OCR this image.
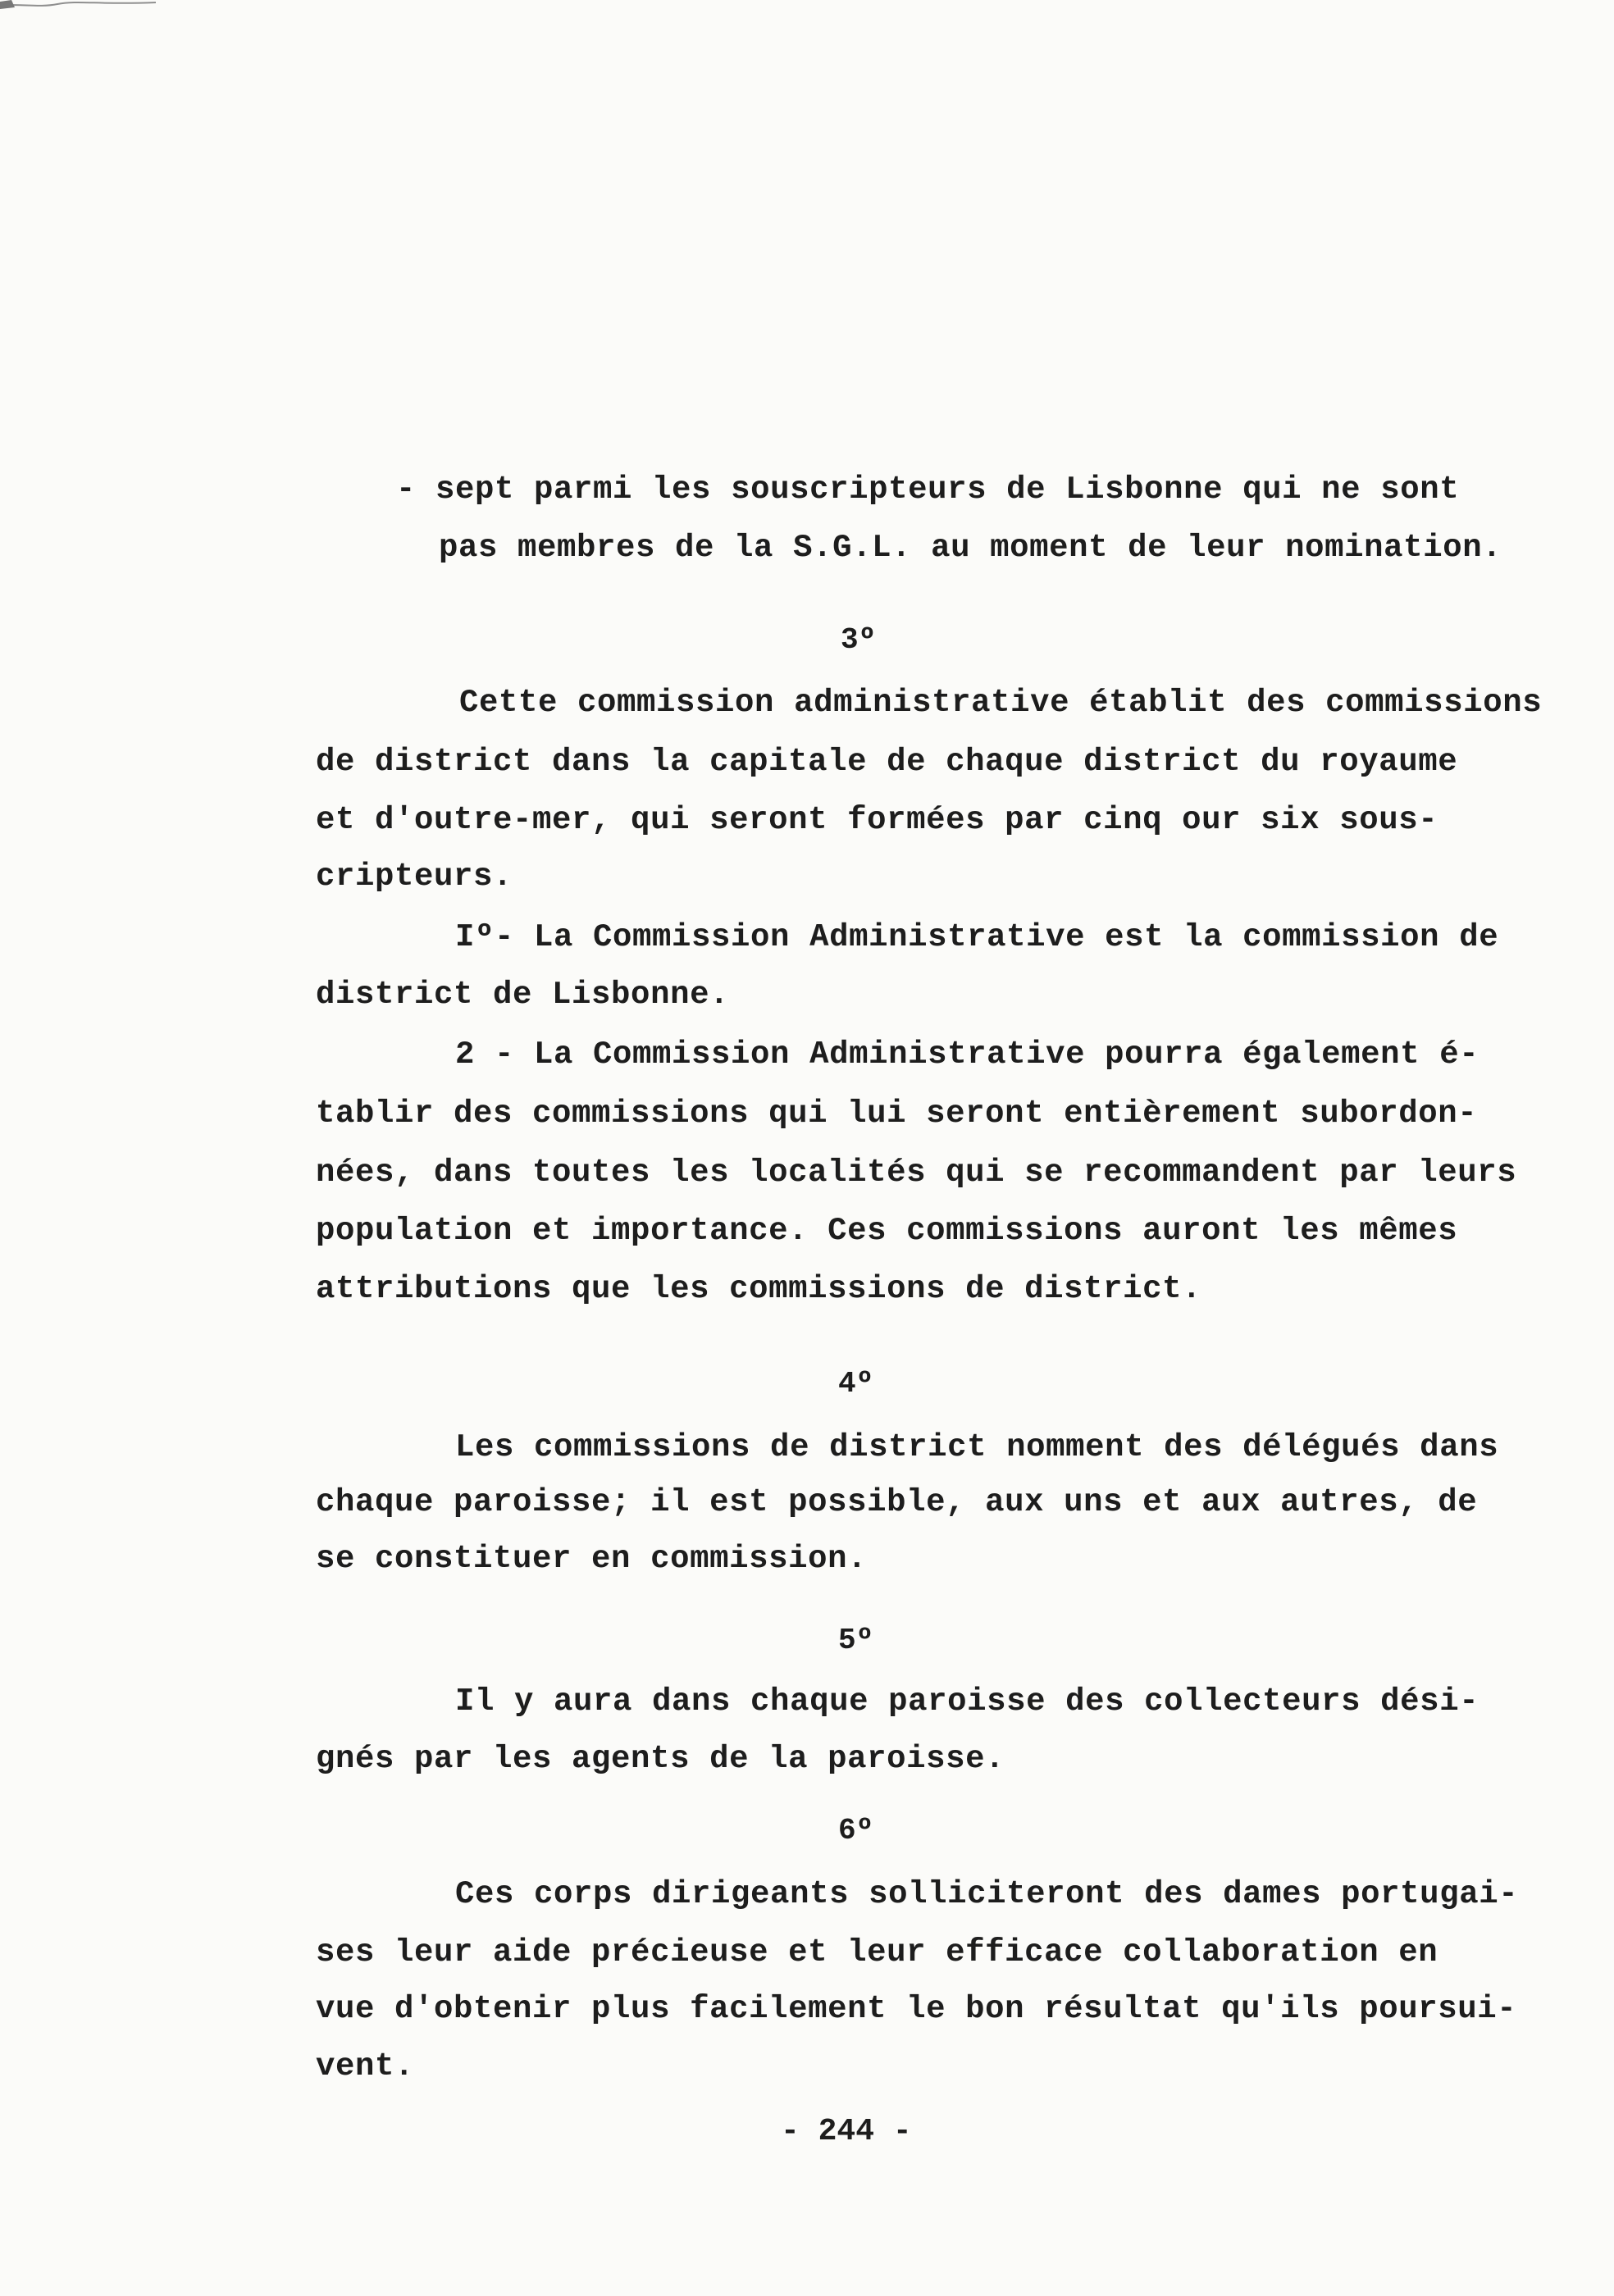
- sept parmi les souscripteurs de Lisbonne qui ne sont
pas membres de la S.G.L. au moment de leur nomination.
3º
Cette commission administrative établit des commissions
de district dans la capitale de chaque district du royaume
et d'outre-mer, qui seront formées par cinq our six sous-
cripteurs.
Iº- La Commission Administrative est la commission de
district de Lisbonne.
2 - La Commission Administrative pourra également é-
tablir des commissions qui lui seront entièrement subordon-
nées, dans toutes les localités qui se recommandent par leurs
population et importance. Ces commissions auront les mêmes
attributions que les commissions de district.
4º
Les commissions de district nomment des délégués dans
chaque paroisse; il est possible, aux uns et aux autres, de
se constituer en commission.
5º
Il y aura dans chaque paroisse des collecteurs dési-
gnés par les agents de la paroisse.
6º
Ces corps dirigeants solliciteront des dames portugai-
ses leur aide précieuse et leur efficace collaboration en
vue d'obtenir plus facilement le bon résultat qu'ils poursui-
vent.
- 244 -
